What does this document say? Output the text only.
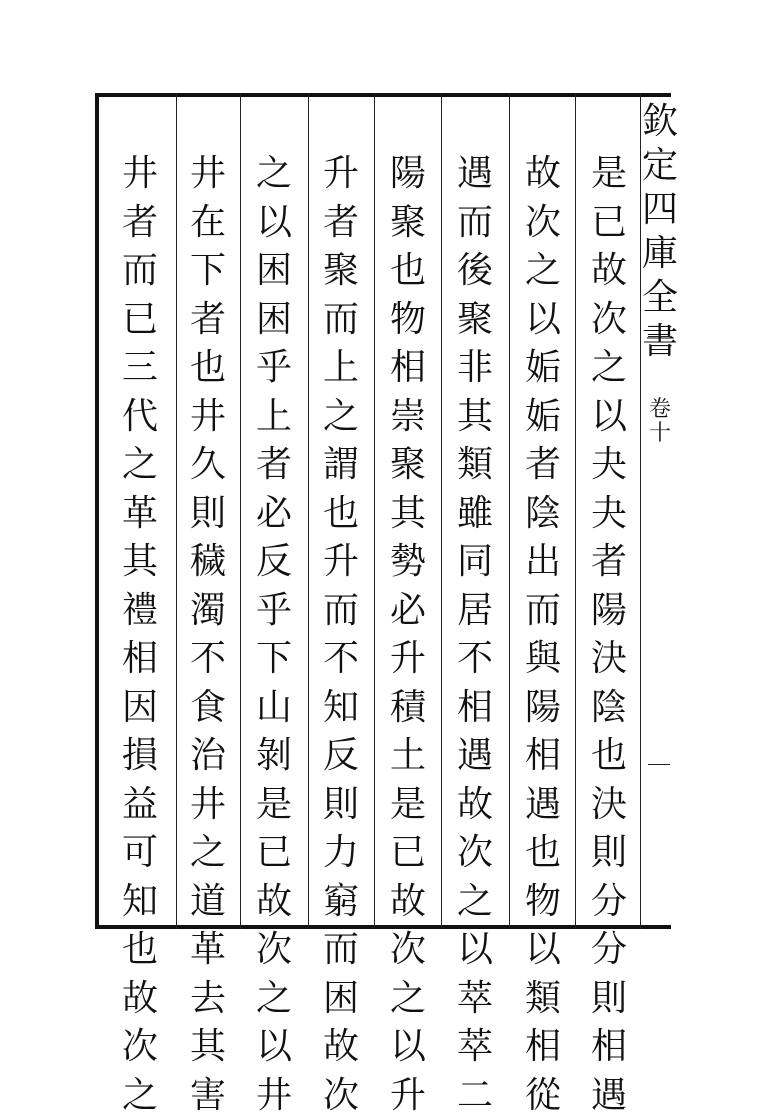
欽
定
四
庫
全
書
卷
十
是
已
故
次
之
以
夬
夬
者
陽
決
陰
也
決
則
分
分
則
相
遇
故
次
之
以
姤
姤
者
陰
出
而
與
陽
相
遇
也
物
以
類
相
從
遇
而
後
聚
非
其
類
雖
同
居
不
相
遇
故
次
之
以
萃
萃
二
陽
聚
也
物
相
崇
聚
其
勢
必
升
積
土
是
已
故
次
之
以
升
升
者
聚
而
上
之
謂
也
升
而
不
知
反
則
力
窮
而
困
故
次
之
以
困
困
乎
上
者
必
反
乎
下
山
剝
是
已
故
次
之
以
井
井
在
下
者
也
井
久
則
穢
濁
不
食
治
井
之
道
革
去
其
害
井
者
而
已
三
代
之
革
其
禮
相
因
損
益
可
知
也
故
次
之
